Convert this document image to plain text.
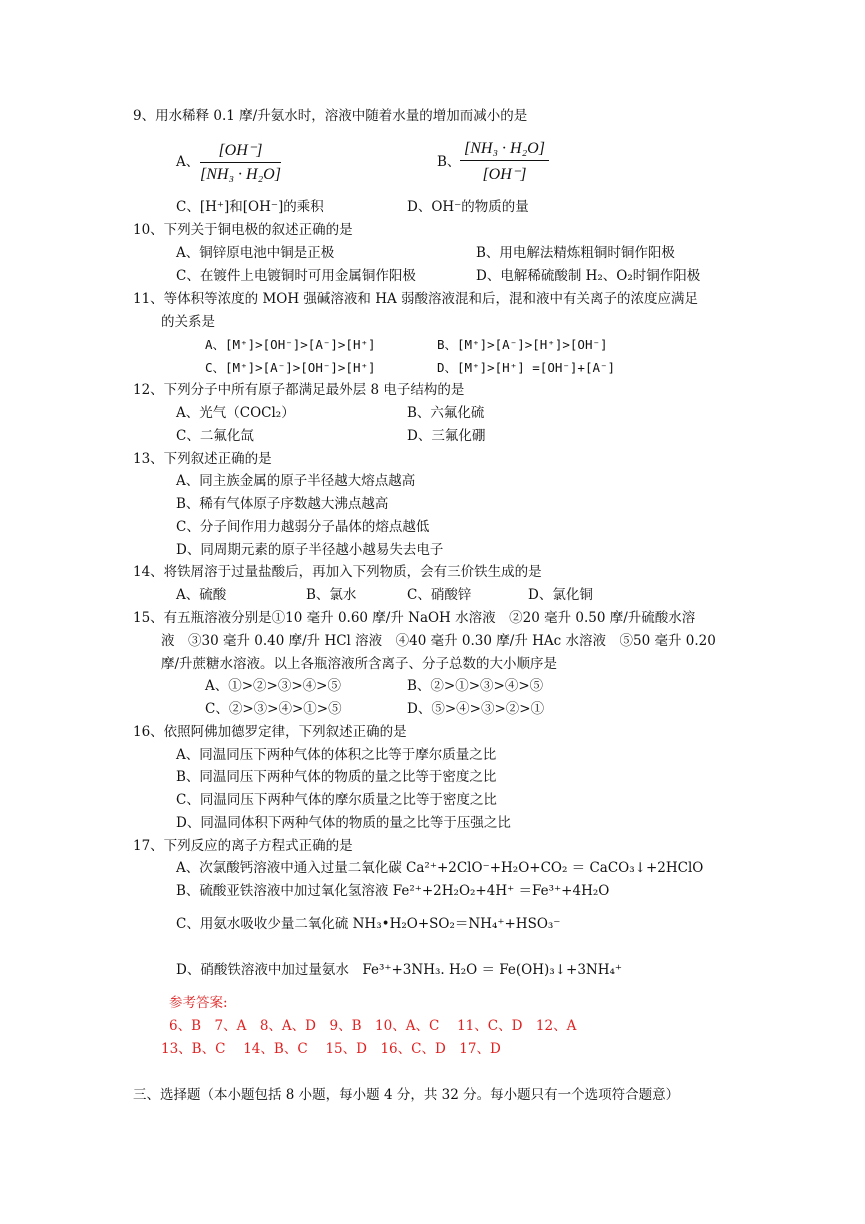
9、用水稀释 0.1 摩/升氨水时，溶液中随着水量的增加而减小的是
A、 $\frac{[OH^-]}{\text{[NH₃ · H₂O]}}$	B、 $\frac{\text{[NH₃ · H₂O]}}{[OH^-]}$
C、[H⁺]和[OH⁻]的乘积	D、OH⁻的物质的量
10、下列关于铜电极的叙述正确的是
A、铜锌原电池中铜是正极	B、用电解法精炼粗铜时铜作阳极
C、在镀件上电镀铜时可用金属铜作阳极	D、电解稀硫酸制 H₂、O₂时铜作阳极
11、等体积等浓度的 MOH 强碱溶液和 HA 弱酸溶液混和后，混和液中有关离子的浓度应满足
的关系是
A、[M⁺]>[OH⁻]>[A⁻]>[H⁺]	B、[M⁺]>[A⁻]>[H⁺]>[OH⁻]
C、[M⁺]>[A⁻]>[OH⁻]>[H⁺]	D、[M⁺]>[H⁺] =[OH⁻]+[A⁻]
12、下列分子中所有原子都满足最外层 8 电子结构的是
A、光气（COCl₂）	B、六氟化硫
C、二氟化氙	D、三氟化硼
13、下列叙述正确的是
A、同主族金属的原子半径越大熔点越高
B、稀有气体原子序数越大沸点越高
C、分子间作用力越弱分子晶体的熔点越低
D、同周期元素的原子半径越小越易失去电子
14、将铁屑溶于过量盐酸后，再加入下列物质，会有三价铁生成的是
A、硫酸	B、氯水	C、硝酸锌	D、氯化铜
15、有五瓶溶液分别是①10 毫升 0.60 摩/升 NaOH 水溶液　②20 毫升 0.50 摩/升硫酸水溶
液　③30 毫升 0.40 摩/升 HCl 溶液　④40 毫升 0.30 摩/升 HAc 水溶液　⑤50 毫升 0.20
摩/升蔗糖水溶液。以上各瓶溶液所含离子、分子总数的大小顺序是
A、①>②>③>④>⑤	B、②>①>③>④>⑤
C、②>③>④>①>⑤	D、⑤>④>③>②>①
16、依照阿佛加德罗定律，下列叙述正确的是
A、同温同压下两种气体的体积之比等于摩尔质量之比
B、同温同压下两种气体的物质的量之比等于密度之比
C、同温同压下两种气体的摩尔质量之比等于密度之比
D、同温同体积下两种气体的物质的量之比等于压强之比
17、下列反应的离子方程式正确的是
A、次氯酸钙溶液中通入过量二氧化碳 Ca²⁺+2ClO⁻+H₂O+CO₂ ＝ CaCO₃↓+2HClO
B、硫酸亚铁溶液中加过氧化氢溶液 Fe²⁺+2H₂O₂+4H⁺ ＝Fe³⁺+4H₂O
C、用氨水吸收少量二氧化硫 NH₃•H₂O+SO₂＝NH₄⁺+HSO₃⁻
D、硝酸铁溶液中加过量氨水　Fe³⁺+3NH₃. H₂O ＝ Fe(OH)₃↓+3NH₄⁺
参考答案:
6、B　7、A　8、A、D　9、B　10、A、C　 11、C、D　12、A
13、B、C　 14、B、C　 15、D　16、C、D　17、D
三、选择题（本小题包括 8 小题，每小题 4 分，共 32 分。每小题只有一个选项符合题意）
